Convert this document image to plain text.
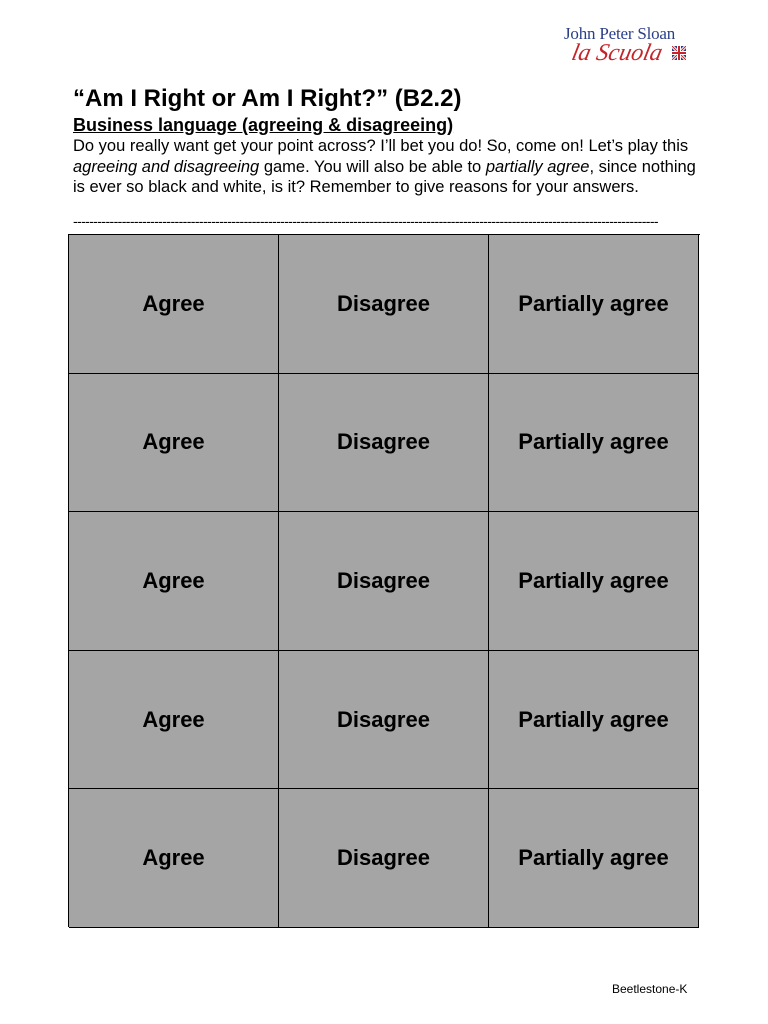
John Peter Sloan
la Scuola
“Am I Right or Am I Right?” (B2.2)
Business language (agreeing & disagreeing)

Do you really want get your point across? I’ll bet you do! So, come on! Let’s play this agreeing and disagreeing game. You will also be able to partially agree, since nothing is ever so black and white, is it? Remember to give reasons for your answers.

------------------------------------------------------------------------------------------------------------------------------------------------
Agree	Disagree	Partially agree
Agree	Disagree	Partially agree
Agree	Disagree	Partially agree
Agree	Disagree	Partially agree
Agree	Disagree	Partially agree
Beetlestone-K
